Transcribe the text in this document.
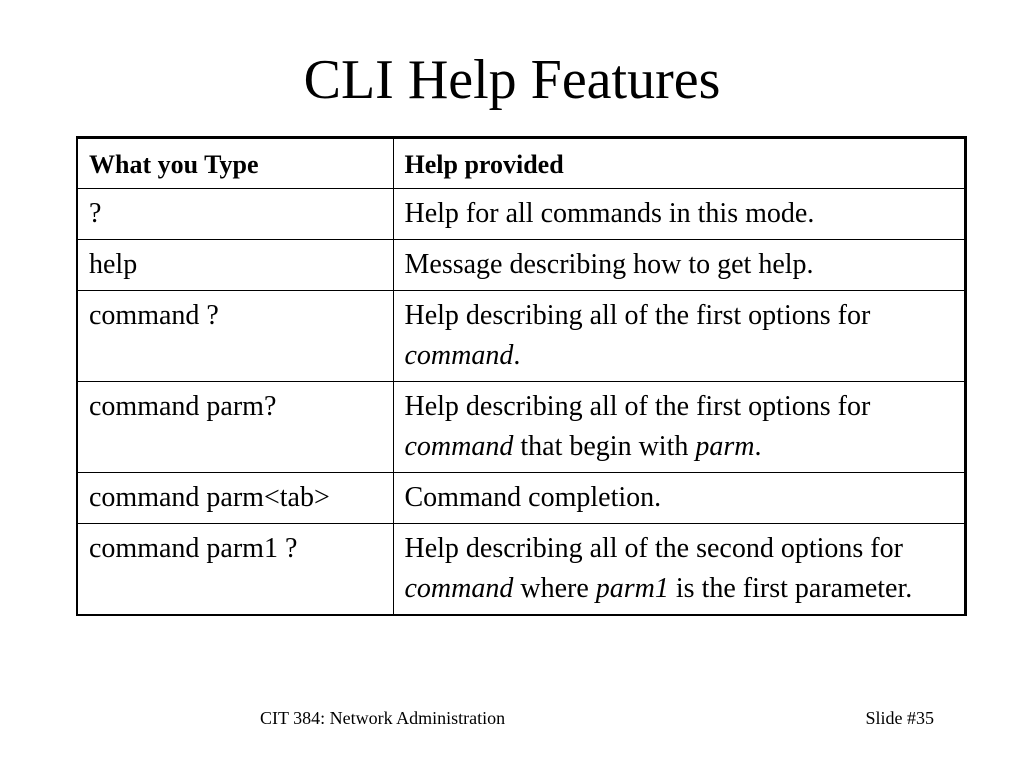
CLI Help Features
What you Type	Help provided
?	Help for all commands in this mode.
help	Message describing how to get help.
command ?	Help describing all of the first options for command.
command parm?	Help describing all of the first options for command that begin with parm.
command parm<tab>	Command completion.
command parm1 ?	Help describing all of the second options for command where parm1 is the first parameter.
CIT 384: Network Administration	Slide #35
